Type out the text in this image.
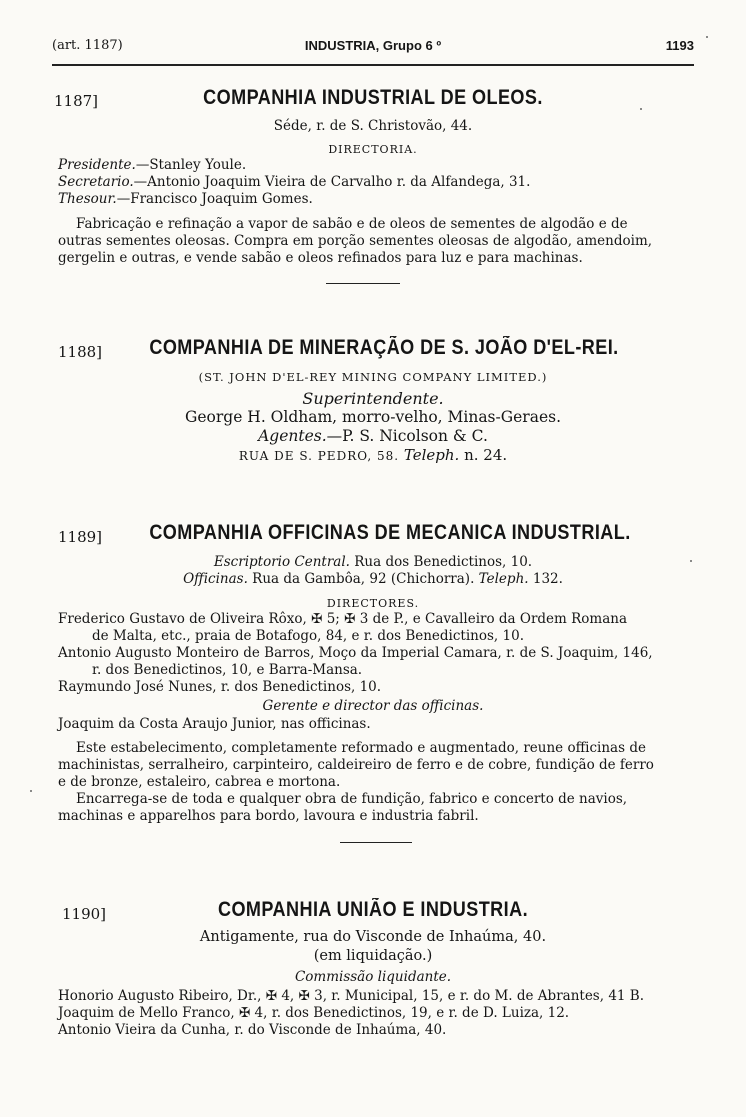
(art. 1187)	INDUSTRIA, Grupo 6 º	1193
1187]	COMPANHIA INDUSTRIAL DE OLEOS.
Séde, r. de S. Christovão, 44.
DIRECTORIA.
Presidente.—Stanley Youle.
Secretario.—Antonio Joaquim Vieira de Carvalho r. da Alfandega, 31.
Thesour.—Francisco Joaquim Gomes.
Fabricação e refinação a vapor de sabão e de oleos de sementes de algodão e de
outras sementes oleosas. Compra em porção sementes oleosas de algodão, amendoim,
gergelin e outras, e vende sabão e oleos refinados para luz e para machinas.
1188] COMPANHIA DE MINERAÇÃO DE S. JOÃO D'EL-REI.
(ST. JOHN D'EL-REY MINING COMPANY LIMITED.)
Superintendente.
George H. Oldham, morro-velho, Minas-Geraes.
Agentes.—P. S. Nicolson & C.
RUA DE S. PEDRO, 58. Teleph. n. 24.
1189]	COMPANHIA OFFICINAS DE MECANICA INDUSTRIAL.
Escriptorio Central. Rua dos Benedictinos, 10.
Officinas. Rua da Gambôa, 92 (Chichorra). Teleph. 132.
DIRECTORES.
Frederico Gustavo de Oliveira Rôxo, ✠ 5; ✠ 3 de P., e Cavalleiro da Ordem Romana
de Malta, etc., praia de Botafogo, 84, e r. dos Benedictinos, 10.
Antonio Augusto Monteiro de Barros, Moço da Imperial Camara, r. de S. Joaquim, 146,
r. dos Benedictinos, 10, e Barra-Mansa.
Raymundo José Nunes, r. dos Benedictinos, 10.
Gerente e director das officinas.
Joaquim da Costa Araujo Junior, nas officinas.
Este estabelecimento, completamente reformado e augmentado, reune officinas de
machinistas, serralheiro, carpinteiro, caldeireiro de ferro e de cobre, fundição de ferro
e de bronze, estaleiro, cabrea e mortona.
Encarrega-se de toda e qualquer obra de fundição, fabrico e concerto de navios,
machinas e apparelhos para bordo, lavoura e industria fabril.
1190]	COMPANHIA UNIÃO E INDUSTRIA.
Antigamente, rua do Visconde de Inhaúma, 40.
(em liquidação.)
Commissão liquidante.
Honorio Augusto Ribeiro, Dr., ✠ 4, ✠ 3, r. Municipal, 15, e r. do M. de Abrantes, 41 B.
Joaquim de Mello Franco, ✠ 4, r. dos Benedictinos, 19, e r. de D. Luiza, 12.
Antonio Vieira da Cunha, r. do Visconde de Inhaúma, 40.
